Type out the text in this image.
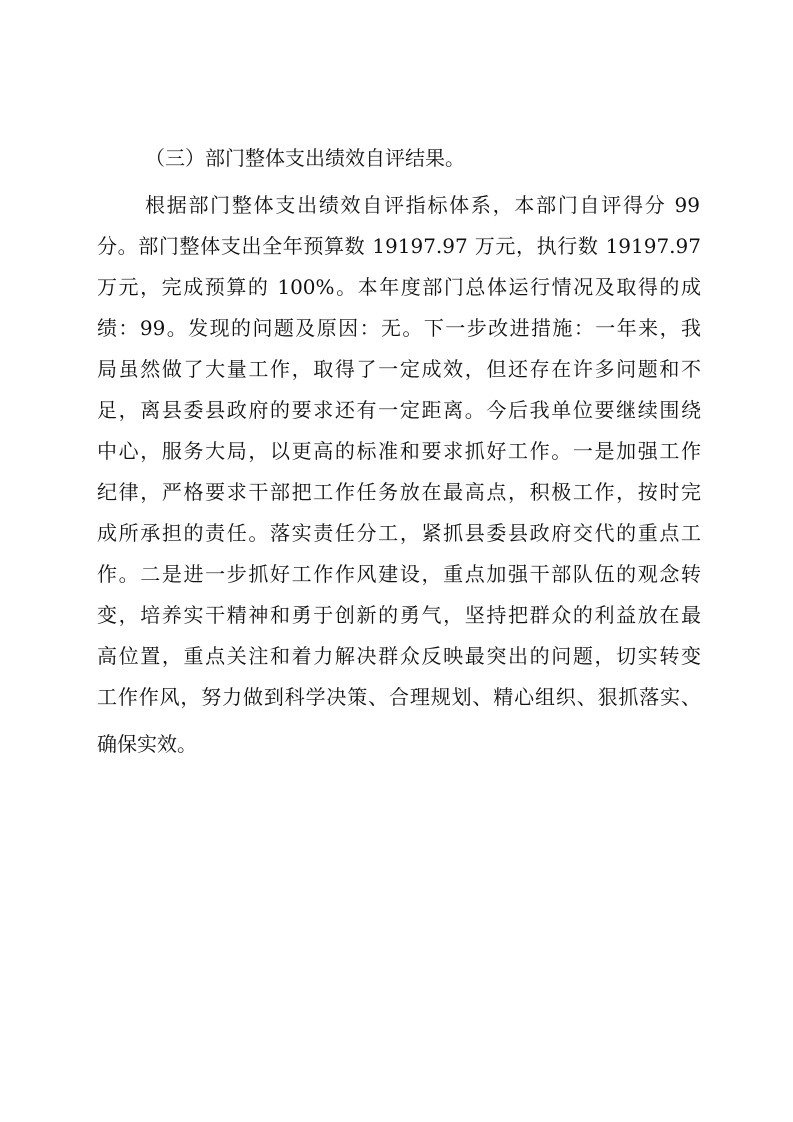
（三）部门整体支出绩效自评结果。
根据部门整体支出绩效自评指标体系，本部门自评得分 99
分。部门整体支出全年预算数 19197.97 万元，执行数 19197.97
万元，完成预算的 100%。本年度部门总体运行情况及取得的成
绩：99。发现的问题及原因：无。下一步改进措施：一年来，我
局虽然做了大量工作，取得了一定成效，但还存在许多问题和不
足，离县委县政府的要求还有一定距离。今后我单位要继续围绕
中心，服务大局，以更高的标准和要求抓好工作。一是加强工作
纪律，严格要求干部把工作任务放在最高点，积极工作，按时完
成所承担的责任。落实责任分工，紧抓县委县政府交代的重点工
作。二是进一步抓好工作作风建设，重点加强干部队伍的观念转
变，培养实干精神和勇于创新的勇气，坚持把群众的利益放在最
高位置，重点关注和着力解决群众反映最突出的问题，切实转变
工作作风，努力做到科学决策、合理规划、精心组织、狠抓落实、
确保实效。
